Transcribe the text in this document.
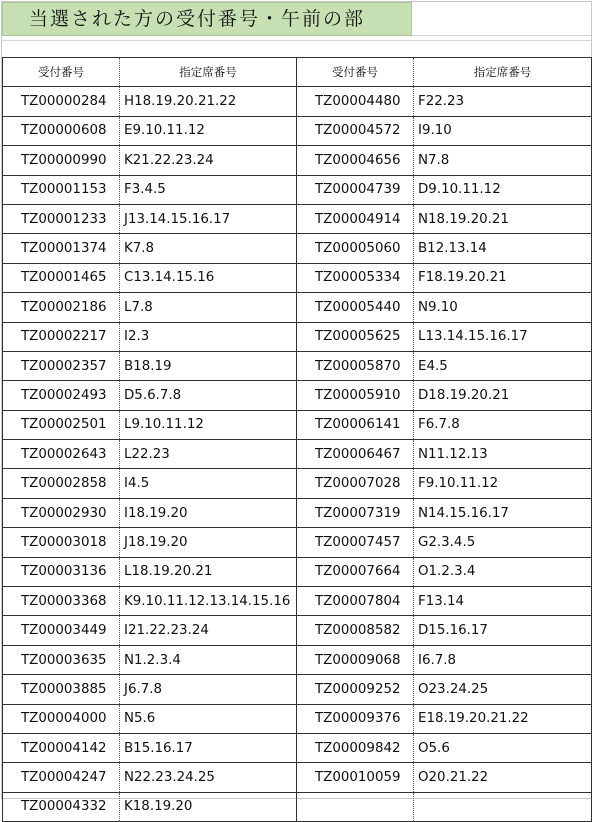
当選された方の受付番号・午前の部
受付番号	指定席番号	受付番号	指定席番号
TZ00000284	H18.19.20.21.22	TZ00004480	F22.23
TZ00000608	E9.10.11.12	TZ00004572	I9.10
TZ00000990	K21.22.23.24	TZ00004656	N7.8
TZ00001153	F3.4.5	TZ00004739	D9.10.11.12
TZ00001233	J13.14.15.16.17	TZ00004914	N18.19.20.21
TZ00001374	K7.8	TZ00005060	B12.13.14
TZ00001465	C13.14.15.16	TZ00005334	F18.19.20.21
TZ00002186	L7.8	TZ00005440	N9.10
TZ00002217	I2.3	TZ00005625	L13.14.15.16.17
TZ00002357	B18.19	TZ00005870	E4.5
TZ00002493	D5.6.7.8	TZ00005910	D18.19.20.21
TZ00002501	L9.10.11.12	TZ00006141	F6.7.8
TZ00002643	L22.23	TZ00006467	N11.12.13
TZ00002858	I4.5	TZ00007028	F9.10.11.12
TZ00002930	I18.19.20	TZ00007319	N14.15.16.17
TZ00003018	J18.19.20	TZ00007457	G2.3.4.5
TZ00003136	L18.19.20.21	TZ00007664	O1.2.3.4
TZ00003368	K9.10.11.12.13.14.15.16	TZ00007804	F13.14
TZ00003449	I21.22.23.24	TZ00008582	D15.16.17
TZ00003635	N1.2.3.4	TZ00009068	I6.7.8
TZ00003885	J6.7.8	TZ00009252	O23.24.25
TZ00004000	N5.6	TZ00009376	E18.19.20.21.22
TZ00004142	B15.16.17	TZ00009842	O5.6
TZ00004247	N22.23.24.25	TZ00010059	O20.21.22
TZ00004332	K18.19.20		
